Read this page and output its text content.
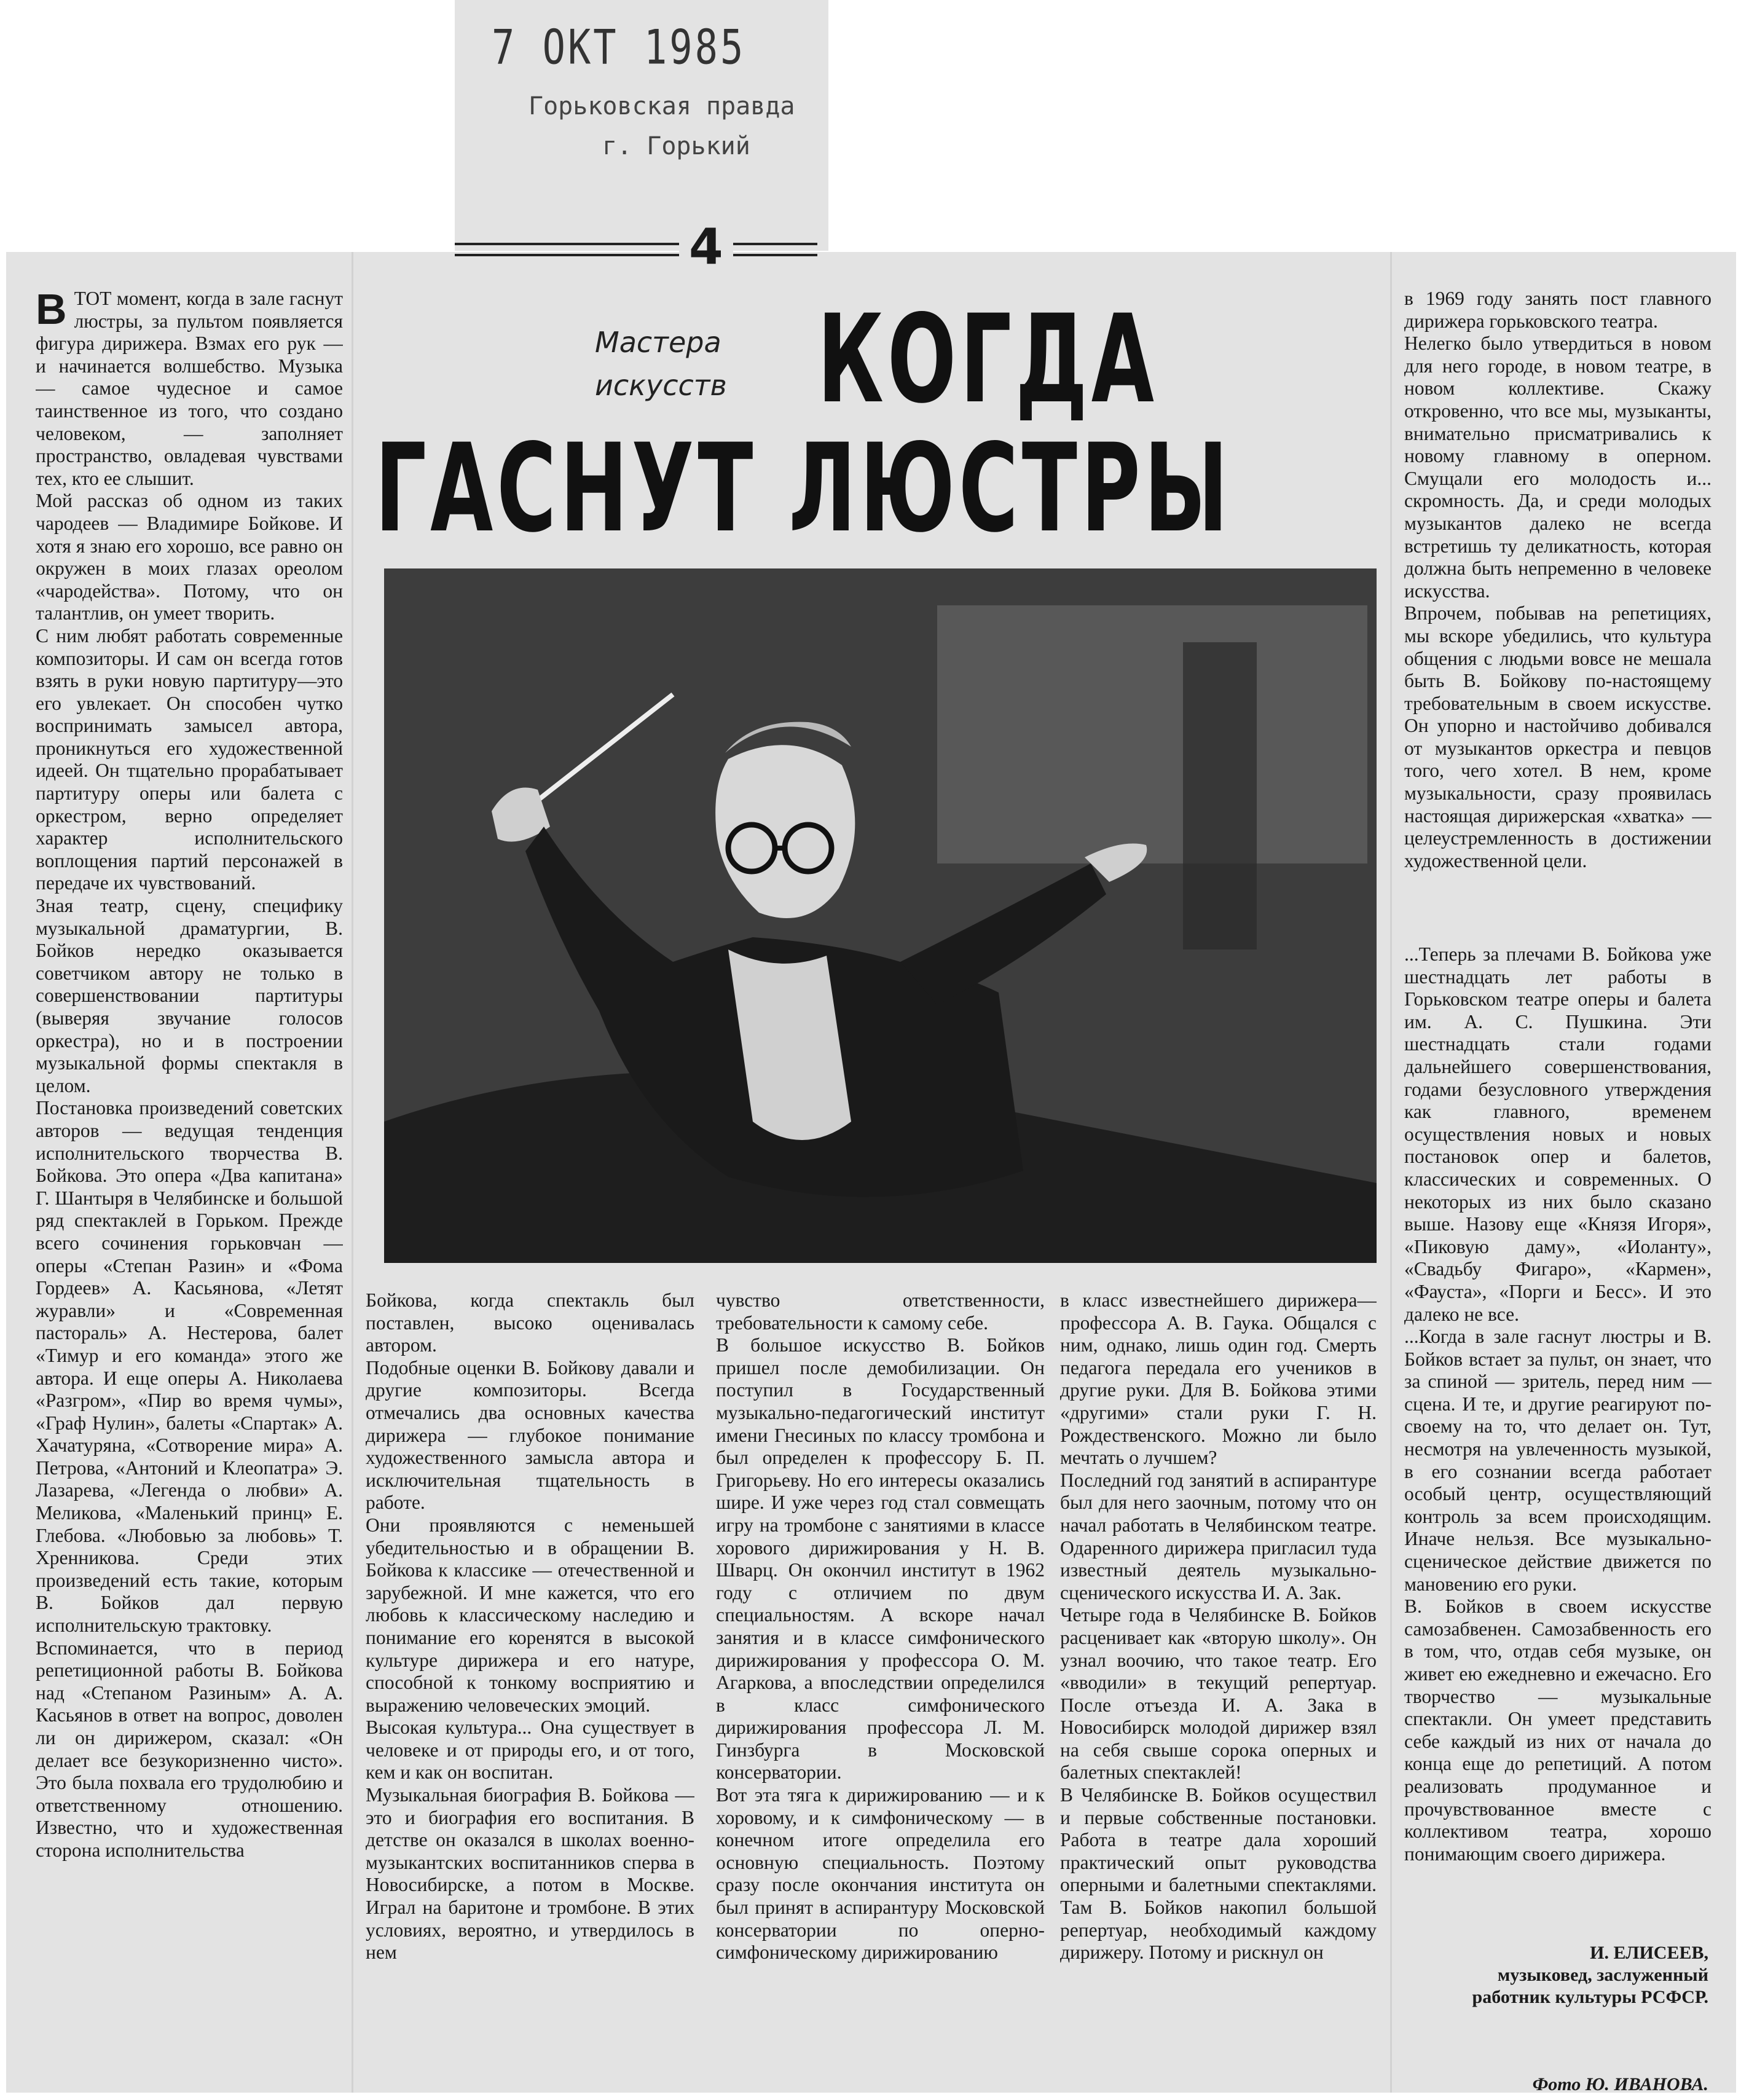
7 ОКТ 1985
Горьковская правда
г. Горький
4
Мастера
искусств КОГДА
ГАСНУТ ЛЮСТРЫ
В ТОТ момент, когда в зале гаснут люстры, за пультом появляется фигура дирижера. Взмах его рук — и начинается волшебство. Музыка — самое чудесное и самое таинственное из того, что создано человеком, — заполняет пространство, овладевая чувствами тех, кто ее слышит.
Мой рассказ об одном из таких чародеев — Владимире Бойкове. И хотя я знаю его хорошо, все равно он окружен в моих глазах ореолом «чародейства». Потому, что он талантлив, он умеет творить.
С ним любят работать современные композиторы. И сам он всегда готов взять в руки новую партитуру—это его увлекает. Он способен чутко воспринимать замысел автора, проникнуться его художественной идеей. Он тщательно прорабатывает партитуру оперы или балета с оркестром, верно определяет характер исполнительского воплощения партий персонажей в передаче их чувствований.
Зная театр, сцену, специфику музыкальной драматургии, В. Бойков нередко оказывается советчиком автору не только в совершенствовании партитуры (выверяя звучание голосов оркестра), но и в построении музыкальной формы спектакля в целом.
Постановка произведений советских авторов — ведущая тенденция исполнительского творчества В. Бойкова. Это опера «Два капитана» Г. Шантыря в Челябинске и большой ряд спектаклей в Горьком. Прежде всего сочинения горьковчан — оперы «Степан Разин» и «Фома Гордеев» А. Касьянова, «Летят журавли» и «Современная пастораль» А. Нестерова, балет «Тимур и его команда» этого же автора. И еще оперы А. Николаева «Разгром», «Пир во время чумы», «Граф Нулин», балеты «Спартак» А. Хачатуряна, «Сотворение мира» А. Петрова, «Антоний и Клеопатра» Э. Лазарева, «Легенда о любви» А. Меликова, «Маленький принц» Е. Глебова. «Любовью за любовь» Т. Хренникова. Среди этих произведений есть такие, которым В. Бойков дал первую исполнительскую трактовку.
Вспоминается, что в период репетиционной работы В. Бойкова над «Степаном Разиным» А. А. Касьянов в ответ на вопрос, доволен ли он дирижером, сказал: «Он делает все безукоризненно чисто». Это была похвала его трудолюбию и ответственному отношению. Известно, что и художественная сторона исполнительства
Бойкова, когда спектакль был поставлен, высоко оценивалась автором.
Подобные оценки В. Бойкову давали и другие композиторы. Всегда отмечались два основных качества дирижера — глубокое понимание художественного замысла автора и исключительная тщательность в работе.
Они проявляются с неменьшей убедительностью и в обращении В. Бойкова к классике — отечественной и зарубежной. И мне кажется, что его любовь к классическому наследию и понимание его коренятся в высокой культуре дирижера и его натуре, способной к тонкому восприятию и выражению человеческих эмоций.
Высокая культура... Она существует в человеке и от природы его, и от того, кем и как он воспитан.
Музыкальная биография В. Бойкова — это и биография его воспитания. В детстве он оказался в школах военно-музыкантских воспитанников сперва в Новосибирске, а потом в Москве. Играл на баритоне и тромбоне. В этих условиях, вероятно, и утвердилось в нем
чувство ответственности, требовательности к самому себе.
В большое искусство В. Бойков пришел после демобилизации. Он поступил в Государственный музыкально-педагогический институт имени Гнесиных по классу тромбона и был определен к профессору Б. П. Григорьеву. Но его интересы оказались шире. И уже через год стал совмещать игру на тромбоне с занятиями в классе хорового дирижирования у Н. В. Шварц. Он окончил институт в 1962 году с отличием по двум специальностям. А вскоре начал занятия и в классе симфонического дирижирования у профессора О. М. Агаркова, а впоследствии определился в класс симфонического дирижирования профессора Л. М. Гинзбурга в Московской консерватории.
Вот эта тяга к дирижированию — и к хоровому, и к симфоническому — в конечном итоге определила его основную специальность. Поэтому сразу после окончания института он был принят в аспирантуру Московской консерватории по оперно-симфоническому дирижированию
в класс известнейшего дирижера—профессора А. В. Гаука. Общался с ним, однако, лишь один год. Смерть педагога передала его учеников в другие руки. Для В. Бойкова этими «другими» стали руки Г. Н. Рождественского. Можно ли было мечтать о лучшем?
Последний год занятий в аспирантуре был для него заочным, потому что он начал работать в Челябинском театре. Одаренного дирижера пригласил туда известный деятель музыкально-сценического искусства И. А. Зак.
Четыре года в Челябинске В. Бойков расценивает как «вторую школу». Он узнал воочию, что такое театр. Его «вводили» в текущий репертуар. После отъезда И. А. Зака в Новосибирск молодой дирижер взял на себя свыше сорока оперных и балетных спектаклей!
В Челябинске В. Бойков осуществил и первые собственные постановки. Работа в театре дала хороший практический опыт руководства оперными и балетными спектаклями. Там В. Бойков накопил большой репертуар, необходимый каждому дирижеру. Потому и рискнул он
в 1969 году занять пост главного дирижера горьковского театра.
Нелегко было утвердиться в новом для него городе, в новом театре, в новом коллективе. Скажу откровенно, что все мы, музыканты, внимательно присматривались к новому главному в оперном. Смущали его молодость и... скромность. Да, и среди молодых музыкантов далеко не всегда встретишь ту деликатность, которая должна быть непременно в человеке искусства.
Впрочем, побывав на репетициях, мы вскоре убедились, что культура общения с людьми вовсе не мешала быть В. Бойкову по-настоящему требовательным в своем искусстве. Он упорно и настойчиво добивался от музыкантов оркестра и певцов того, чего хотел. В нем, кроме музыкальности, сразу проявилась настоящая дирижерская «хватка» — целеустремленность в достижении художественной цели.
...Теперь за плечами В. Бойкова уже шестнадцать лет работы в Горьковском театре оперы и балета им. А. С. Пушкина. Эти шестнадцать стали годами дальнейшего совершенствования, годами безусловного утверждения как главного, временем осуществления новых и новых постановок опер и балетов, классических и современных. О некоторых из них было сказано выше. Назову еще «Князя Игоря», «Пиковую даму», «Иоланту», «Свадьбу Фигаро», «Кармен», «Фауста», «Порги и Бесс». И это далеко не все.
...Когда в зале гаснут люстры и В. Бойков встает за пульт, он знает, что за спиной — зритель, перед ним — сцена. И те, и другие реагируют по-своему на то, что делает он. Тут, несмотря на увлеченность музыкой, в его сознании всегда работает особый центр, осуществляющий контроль за всем происходящим. Иначе нельзя. Все музыкально-сценическое действие движется по мановению его руки.
В. Бойков в своем искусстве самозабвенен. Самозабвенность его в том, что, отдав себя музыке, он живет ею ежедневно и ежечасно. Его творчество — музыкальные спектакли. Он умеет представить себе каждый из них от начала до конца еще до репетиций. А потом реализовать продуманное и прочувствованное вместе с коллективом театра, хорошо понимающим своего дирижера.
И. ЕЛИСЕЕВ,
музыковед, заслуженный работник культуры РСФСР.
Фото Ю. ИВАНОВА.
